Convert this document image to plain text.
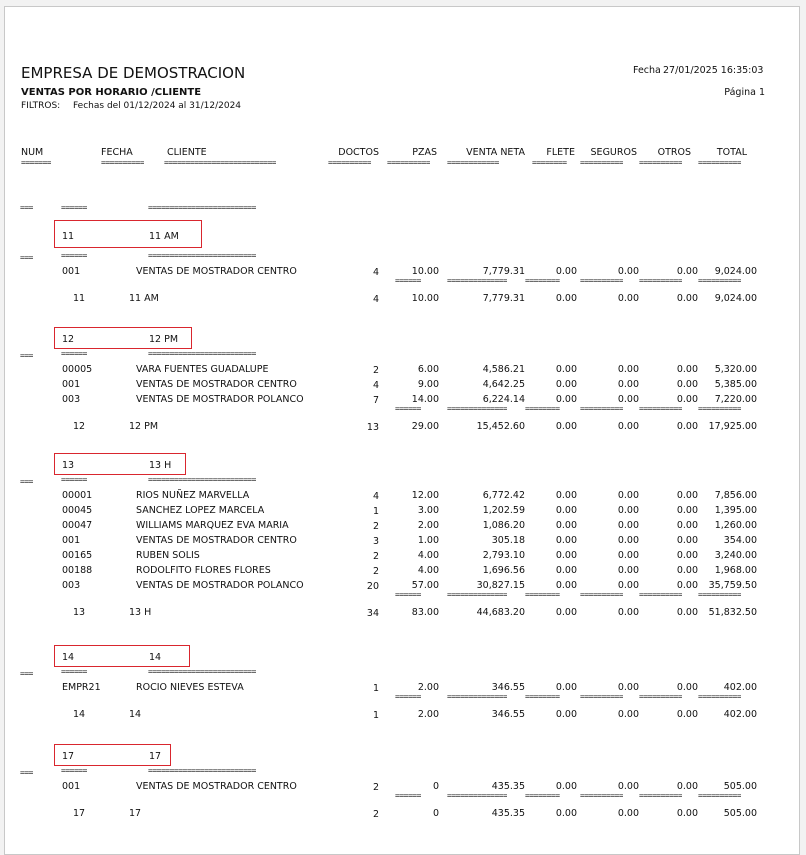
EMPRESA DE DEMOSTRACION
VENTAS POR HORARIO /CLIENTE
FILTROS: Fechas del 01/12/2024 al 31/12/2024
Fecha 27/01/2025 16:35:03
Página 1
NUM	FECHA	CLIENTE	DOCTOS	PZAS	VENTA NETA	FLETE	SEGUROS	OTROS	TOTAL
=======	========== ==========================	========== ========== ============	======== ========== ========== ==========
===	======	=========================
11	11 AM
===	======	=========================
001	VENTAS DE MOSTRADOR CENTRO	4	10.00	7,779.31	0.00	0.00	0.00	9,024.00
======	============== ========	========== ========== ==========
11	11 AM	4	10.00	7,779.31	0.00	0.00	0.00	9,024.00
12	12 PM
===	======	=========================
00005	VARA FUENTES GUADALUPE	2	6.00	4,586.21	0.00	0.00	0.00	5,320.00
001	VENTAS DE MOSTRADOR CENTRO	4	9.00	4,642.25	0.00	0.00	0.00	5,385.00
003	VENTAS DE MOSTRADOR POLANCO	7	14.00	6,224.14	0.00	0.00	0.00	7,220.00
======	============== ========	========== ========== ==========
12	12 PM	13	29.00	15,452.60	0.00	0.00	0.00	17,925.00
13	13 H
===	======	=========================
00001	RIOS NUÑEZ MARVELLA	4	12.00	6,772.42	0.00	0.00	0.00	7,856.00
00045	SANCHEZ LOPEZ MARCELA	1	3.00	1,202.59	0.00	0.00	0.00	1,395.00
00047	WILLIAMS MARQUEZ EVA MARIA	2	2.00	1,086.20	0.00	0.00	0.00	1,260.00
001	VENTAS DE MOSTRADOR CENTRO	3	1.00	305.18	0.00	0.00	0.00	354.00
00165	RUBEN SOLIS	2	4.00	2,793.10	0.00	0.00	0.00	3,240.00
00188	RODOLFITO FLORES FLORES	2	4.00	1,696.56	0.00	0.00	0.00	1,968.00
003	VENTAS DE MOSTRADOR POLANCO	20	57.00	30,827.15	0.00	0.00	0.00	35,759.50
======	============== ========	========== ========== ==========
13	13 H	34	83.00	44,683.20	0.00	0.00	0.00	51,832.50
14	14
===	======	=========================
EMPR21	ROCIO NIEVES ESTEVA	1	2.00	346.55	0.00	0.00	0.00	402.00
======	============== ========	========== ========== ==========
14	14	1	2.00	346.55	0.00	0.00	0.00	402.00
17	17
===	======	=========================
001	VENTAS DE MOSTRADOR CENTRO	2	0	435.35	0.00	0.00	0.00	505.00
======	============== ========	========== ========== ==========
17	17	2	0	435.35	0.00	0.00	0.00	505.00
